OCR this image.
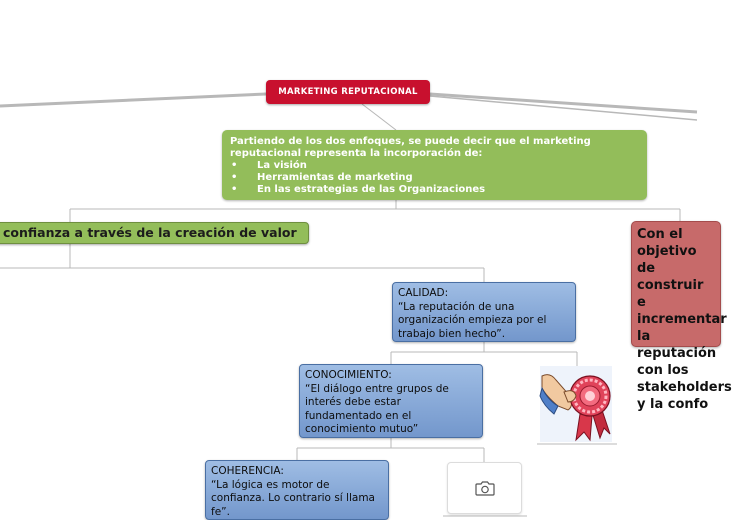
MARKETING REPUTACIONAL
Partiendo de los dos enfoques, se puede decir que el marketing reputacional representa la incorporación de:
• La visión
• Herramientas de marketing
• En las estrategias de las Organizaciones
confianza a través de la creación de valor	Con el objetivo de construir e incrementar la reputación con los stakeholders y la confo
CALIDAD:
“La reputación de una organización empieza por el trabajo bien hecho”.
CONOCIMIENTO:
“El diálogo entre grupos de interés debe estar fundamentado en el conocimiento mutuo”
COHERENCIA:
“La lógica es motor de confianza. Lo contrario sí llama fe”.
